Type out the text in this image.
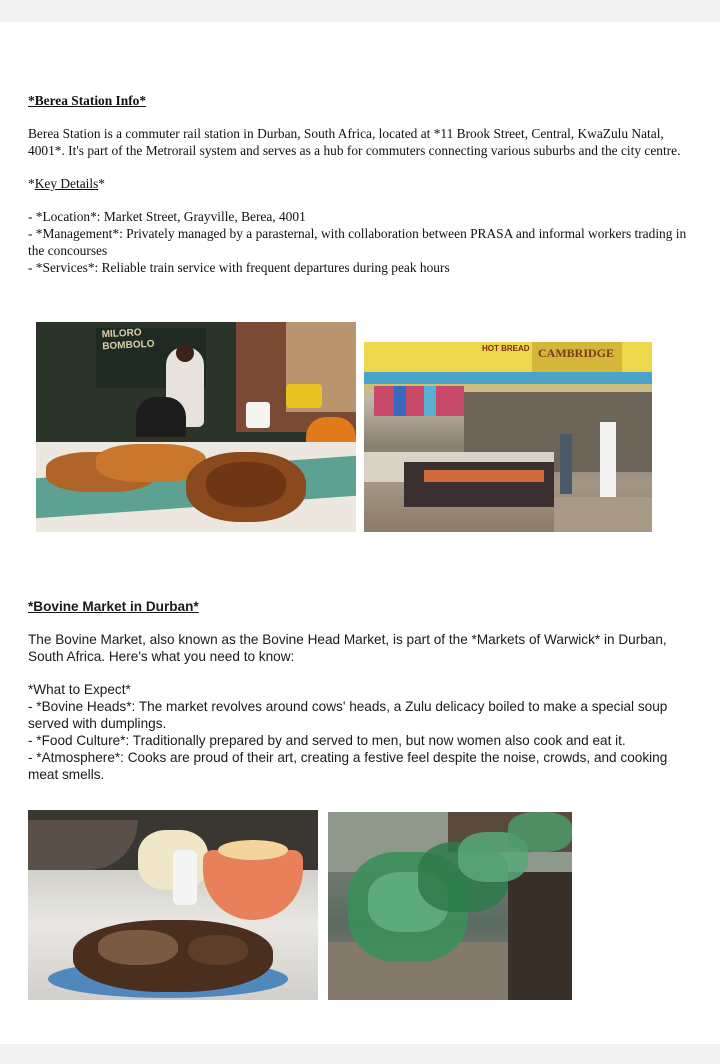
*Berea Station Info*

Berea Station is a commuter rail station in Durban, South Africa, located at *11 Brook Street, Central, KwaZulu Natal, 4001*. It's part of the Metrorail system and serves as a hub for commuters connecting various suburbs and the city centre.

*Key Details*

- *Location*: Market Street, Grayville, Berea, 4001

- *Management*: Privately managed by a parasternal, with collaboration between PRASA and informal workers trading in the concourses

- *Services*: Reliable train service with frequent departures during peak hours

MILORO
BOMBOLO	HOT BREAD CAMBRIDGE

*Bovine Market in Durban*

The Bovine Market, also known as the Bovine Head Market, is part of the *Markets of Warwick* in Durban, South Africa. Here's what you need to know:

*What to Expect*

- *Bovine Heads*: The market revolves around cows' heads, a Zulu delicacy boiled to make a special soup served with dumplings.

- *Food Culture*: Traditionally prepared by and served to men, but now women also cook and eat it.

- *Atmosphere*: Cooks are proud of their art, creating a festive feel despite the noise, crowds, and cooking meat smells.
